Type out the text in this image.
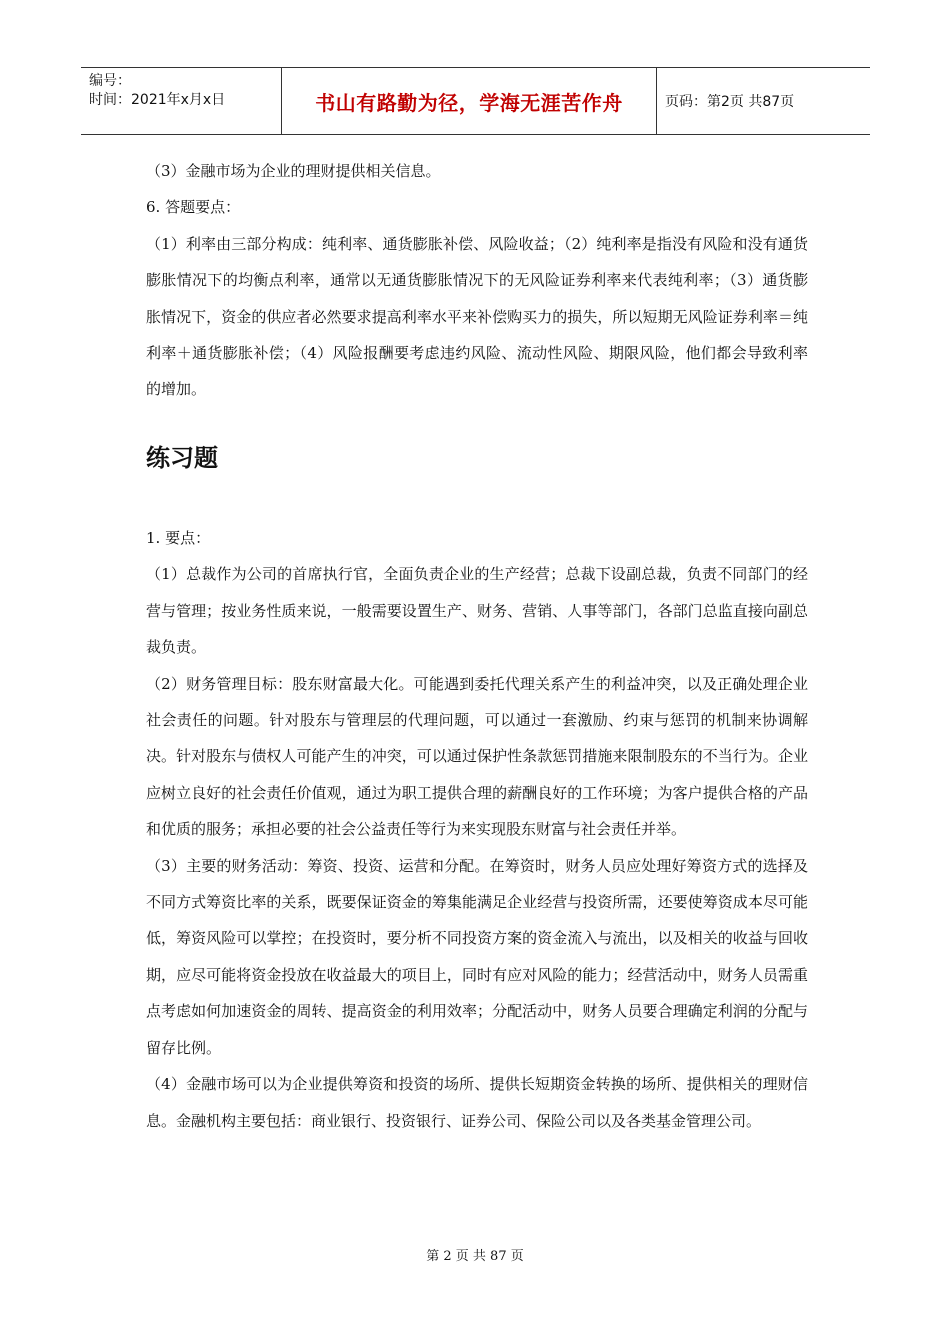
编号：
时间：2021年x月x日	书山有路勤为径，学海无涯苦作舟	页码：第2页 共87页

（3）金融市场为企业的理财提供相关信息。

6. 答题要点：

（1）利率由三部分构成：纯利率、通货膨胀补偿、风险收益；（2）纯利率是指没有风险和没有通货膨胀情况下的均衡点利率，通常以无通货膨胀情况下的无风险证券利率来代表纯利率；（3）通货膨胀情况下，资金的供应者必然要求提高利率水平来补偿购买力的损失，所以短期无风险证券利率＝纯利率＋通货膨胀补偿；（4）风险报酬要考虑违约风险、流动性风险、期限风险，他们都会导致利率的增加。

练习题

1. 要点：

（1）总裁作为公司的首席执行官，全面负责企业的生产经营；总裁下设副总裁，负责不同部门的经营与管理；按业务性质来说，一般需要设置生产、财务、营销、人事等部门，各部门总监直接向副总裁负责。

（2）财务管理目标：股东财富最大化。可能遇到委托代理关系产生的利益冲突，以及正确处理企业社会责任的问题。针对股东与管理层的代理问题，可以通过一套激励、约束与惩罚的机制来协调解决。针对股东与债权人可能产生的冲突，可以通过保护性条款惩罚措施来限制股东的不当行为。企业应树立良好的社会责任价值观，通过为职工提供合理的薪酬良好的工作环境；为客户提供合格的产品和优质的服务；承担必要的社会公益责任等行为来实现股东财富与社会责任并举。

（3）主要的财务活动：筹资、投资、运营和分配。在筹资时，财务人员应处理好筹资方式的选择及不同方式筹资比率的关系，既要保证资金的筹集能满足企业经营与投资所需，还要使筹资成本尽可能低，筹资风险可以掌控；在投资时，要分析不同投资方案的资金流入与流出，以及相关的收益与回收期，应尽可能将资金投放在收益最大的项目上，同时有应对风险的能力；经营活动中，财务人员需重点考虑如何加速资金的周转、提高资金的利用效率；分配活动中，财务人员要合理确定利润的分配与留存比例。

（4）金融市场可以为企业提供筹资和投资的场所、提供长短期资金转换的场所、提供相关的理财信息。金融机构主要包括：商业银行、投资银行、证券公司、保险公司以及各类基金管理公司。

第 2 页 共 87 页
